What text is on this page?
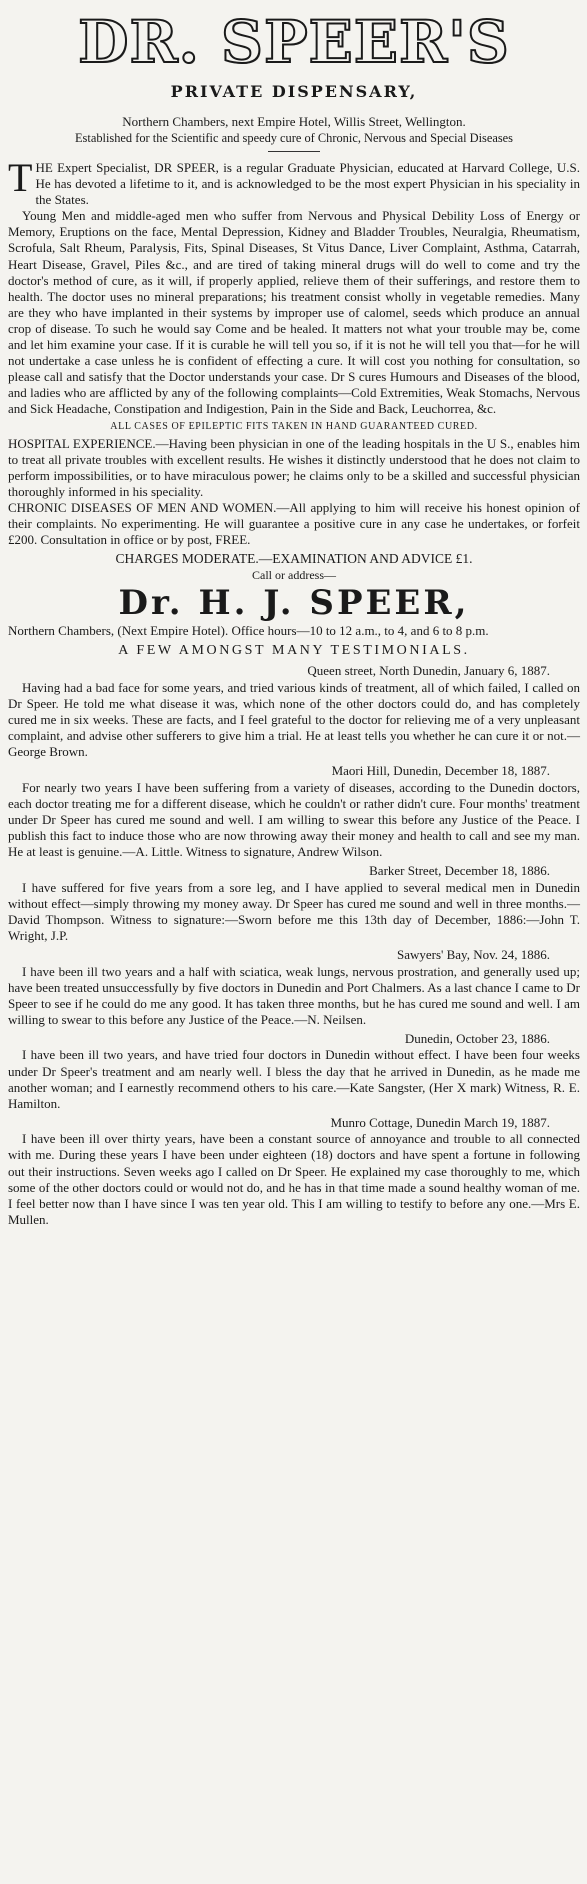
DR. SPEER'S
PRIVATE DISPENSARY,
Northern Chambers, next Empire Hotel, Willis Street, Wellington.
Established for the Scientific and speedy cure of Chronic, Nervous and Special Diseases

THE Expert Specialist, DR SPEER, is a regular Graduate Physician, educated at Harvard College, U.S. He has devoted a lifetime to it, and is acknowledged to be the most expert Physician in his speciality in the States.

Young Men and middle-aged men who suffer from Nervous and Physical Debility Loss of Energy or Memory, Eruptions on the face, Mental Depression, Kidney and Bladder Troubles, Neuralgia, Rheumatism, Scrofula, Salt Rheum, Paralysis, Fits, Spinal Diseases, St Vitus Dance, Liver Complaint, Asthma, Catarrah, Heart Disease, Gravel, Piles &c., and are tired of taking mineral drugs will do well to come and try the doctor's method of cure, as it will, if properly applied, relieve them of their sufferings, and restore them to health. The doctor uses no mineral preparations; his treatment consist wholly in vegetable remedies. Many are they who have implanted in their systems by improper use of calomel, seeds which produce an annual crop of disease. To such he would say Come and be healed. It matters not what your trouble may be, come and let him examine your case. If it is curable he will tell you so, if it is not he will tell you that—for he will not undertake a case unless he is confident of effecting a cure. It will cost you nothing for consultation, so please call and satisfy that the Doctor understands your case. Dr S cures Humours and Diseases of the blood, and ladies who are afflicted by any of the following complaints—Cold Extremities, Weak Stomachs, Nervous and Sick Headache, Constipation and Indigestion, Pain in the Side and Back, Leuchorrea, &c.

ALL CASES OF EPILEPTIC FITS TAKEN IN HAND GUARANTEED CURED.

HOSPITAL EXPERIENCE.—Having been physician in one of the leading hospitals in the U S., enables him to treat all private troubles with excellent results. He wishes it distinctly understood that he does not claim to perform impossibilities, or to have miraculous power; he claims only to be a skilled and successful physician thoroughly informed in his speciality.

CHRONIC DISEASES OF MEN AND WOMEN.—All applying to him will receive his honest opinion of their complaints. No experimenting. He will guarantee a positive cure in any case he undertakes, or forfeit £200. Consultation in office or by post, FREE.

CHARGES MODERATE.—EXAMINATION AND ADVICE £1.
Call or address—
Dr. H. J. SPEER,

Northern Chambers, (Next Empire Hotel). Office hours—10 to 12 a.m., to 4, and 6 to 8 p.m.

A FEW AMONGST MANY TESTIMONIALS.
Queen street, North Dunedin, January 6, 1887.

Having had a bad face for some years, and tried various kinds of treatment, all of which failed, I called on Dr Speer. He told me what disease it was, which none of the other doctors could do, and has completely cured me in six weeks. These are facts, and I feel grateful to the doctor for relieving me of a very unpleasant complaint, and advise other sufferers to give him a trial. He at least tells you whether he can cure it or not.—George Brown.

Maori Hill, Dunedin, December 18, 1887.

For nearly two years I have been suffering from a variety of diseases, according to the Dunedin doctors, each doctor treating me for a different disease, which he couldn't or rather didn't cure. Four months' treatment under Dr Speer has cured me sound and well. I am willing to swear this before any Justice of the Peace. I publish this fact to induce those who are now throwing away their money and health to call and see my man. He at least is genuine.—A. Little. Witness to signature, Andrew Wilson.

Barker Street, December 18, 1886.

I have suffered for five years from a sore leg, and I have applied to several medical men in Dunedin without effect—simply throwing my money away. Dr Speer has cured me sound and well in three months.—David Thompson. Witness to signature:—Sworn before me this 13th day of December, 1886:—John T. Wright, J.P.

Sawyers' Bay, Nov. 24, 1886.

I have been ill two years and a half with sciatica, weak lungs, nervous prostration, and generally used up; have been treated unsuccessfully by five doctors in Dunedin and Port Chalmers. As a last chance I came to Dr Speer to see if he could do me any good. It has taken three months, but he has cured me sound and well. I am willing to swear to this before any Justice of the Peace.—N. Neilsen.

Dunedin, October 23, 1886.

I have been ill two years, and have tried four doctors in Dunedin without effect. I have been four weeks under Dr Speer's treatment and am nearly well. I bless the day that he arrived in Dunedin, as he made me another woman; and I earnestly recommend others to his care.—Kate Sangster, (Her X mark) Witness, R. E. Hamilton.

Munro Cottage, Dunedin March 19, 1887.

I have been ill over thirty years, have been a constant source of annoyance and trouble to all connected with me. During these years I have been under eighteen (18) doctors and have spent a fortune in following out their instructions. Seven weeks ago I called on Dr Speer. He explained my case thoroughly to me, which some of the other doctors could or would not do, and he has in that time made a sound healthy woman of me. I feel better now than I have since I was ten year old. This I am willing to testify to before any one.—Mrs E. Mullen.
